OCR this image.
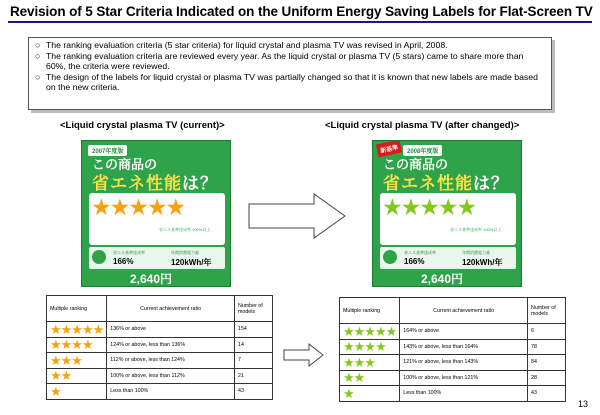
Revision of 5 Star Criteria Indicated on the Uniform Energy Saving Labels for Flat-Screen TV
○ The ranking evaluation criteria (5 star criteria) for liquid crystal and plasma TV was revised in April, 2008.
○ The ranking evaluation criteria are reviewed every year. As the liquid crystal or plasma TV (5 stars) came to share more than 60%, the criteria were reviewed.
○ The design of the labels for liquid crystal or plasma TV was partially changed so that it is known that new labels are made based on the new criteria.
<Liquid crystal plasma TV (current)>	<Liquid crystal plasma TV (after changed)>
2007年度版
この商品の
省エネ性能は？
★★★★★
省エネ基準達成率 100%以上
省エネ基準達成率
166%
年間消費電力量
120kWh/年
2,640円
新基準	2008年度版
この商品の
省エネ性能は？
★★★★★
省エネ基準達成率 100%以上
省エネ基準達成率
166%
年間消費電力量
120kWh/年
2,640円
Multiple ranking	Current achievement ratio	Number of models
★★★★★	136% or above	154
★★★★	124% or above, less than 136%	14
★★★	112% or above, less than 124%	7
★★	100% or above, less than 112%	21
★	Less than 100%	43
Multiple ranking	Current achievement ratio	Number of models
★★★★★	164% or above	6
★★★★	143% or above, less than 164%	78
★★★	121% or above, less than 143%	84
★★	100% or above, less than 121%	28
★	Less than 100%	43
13
